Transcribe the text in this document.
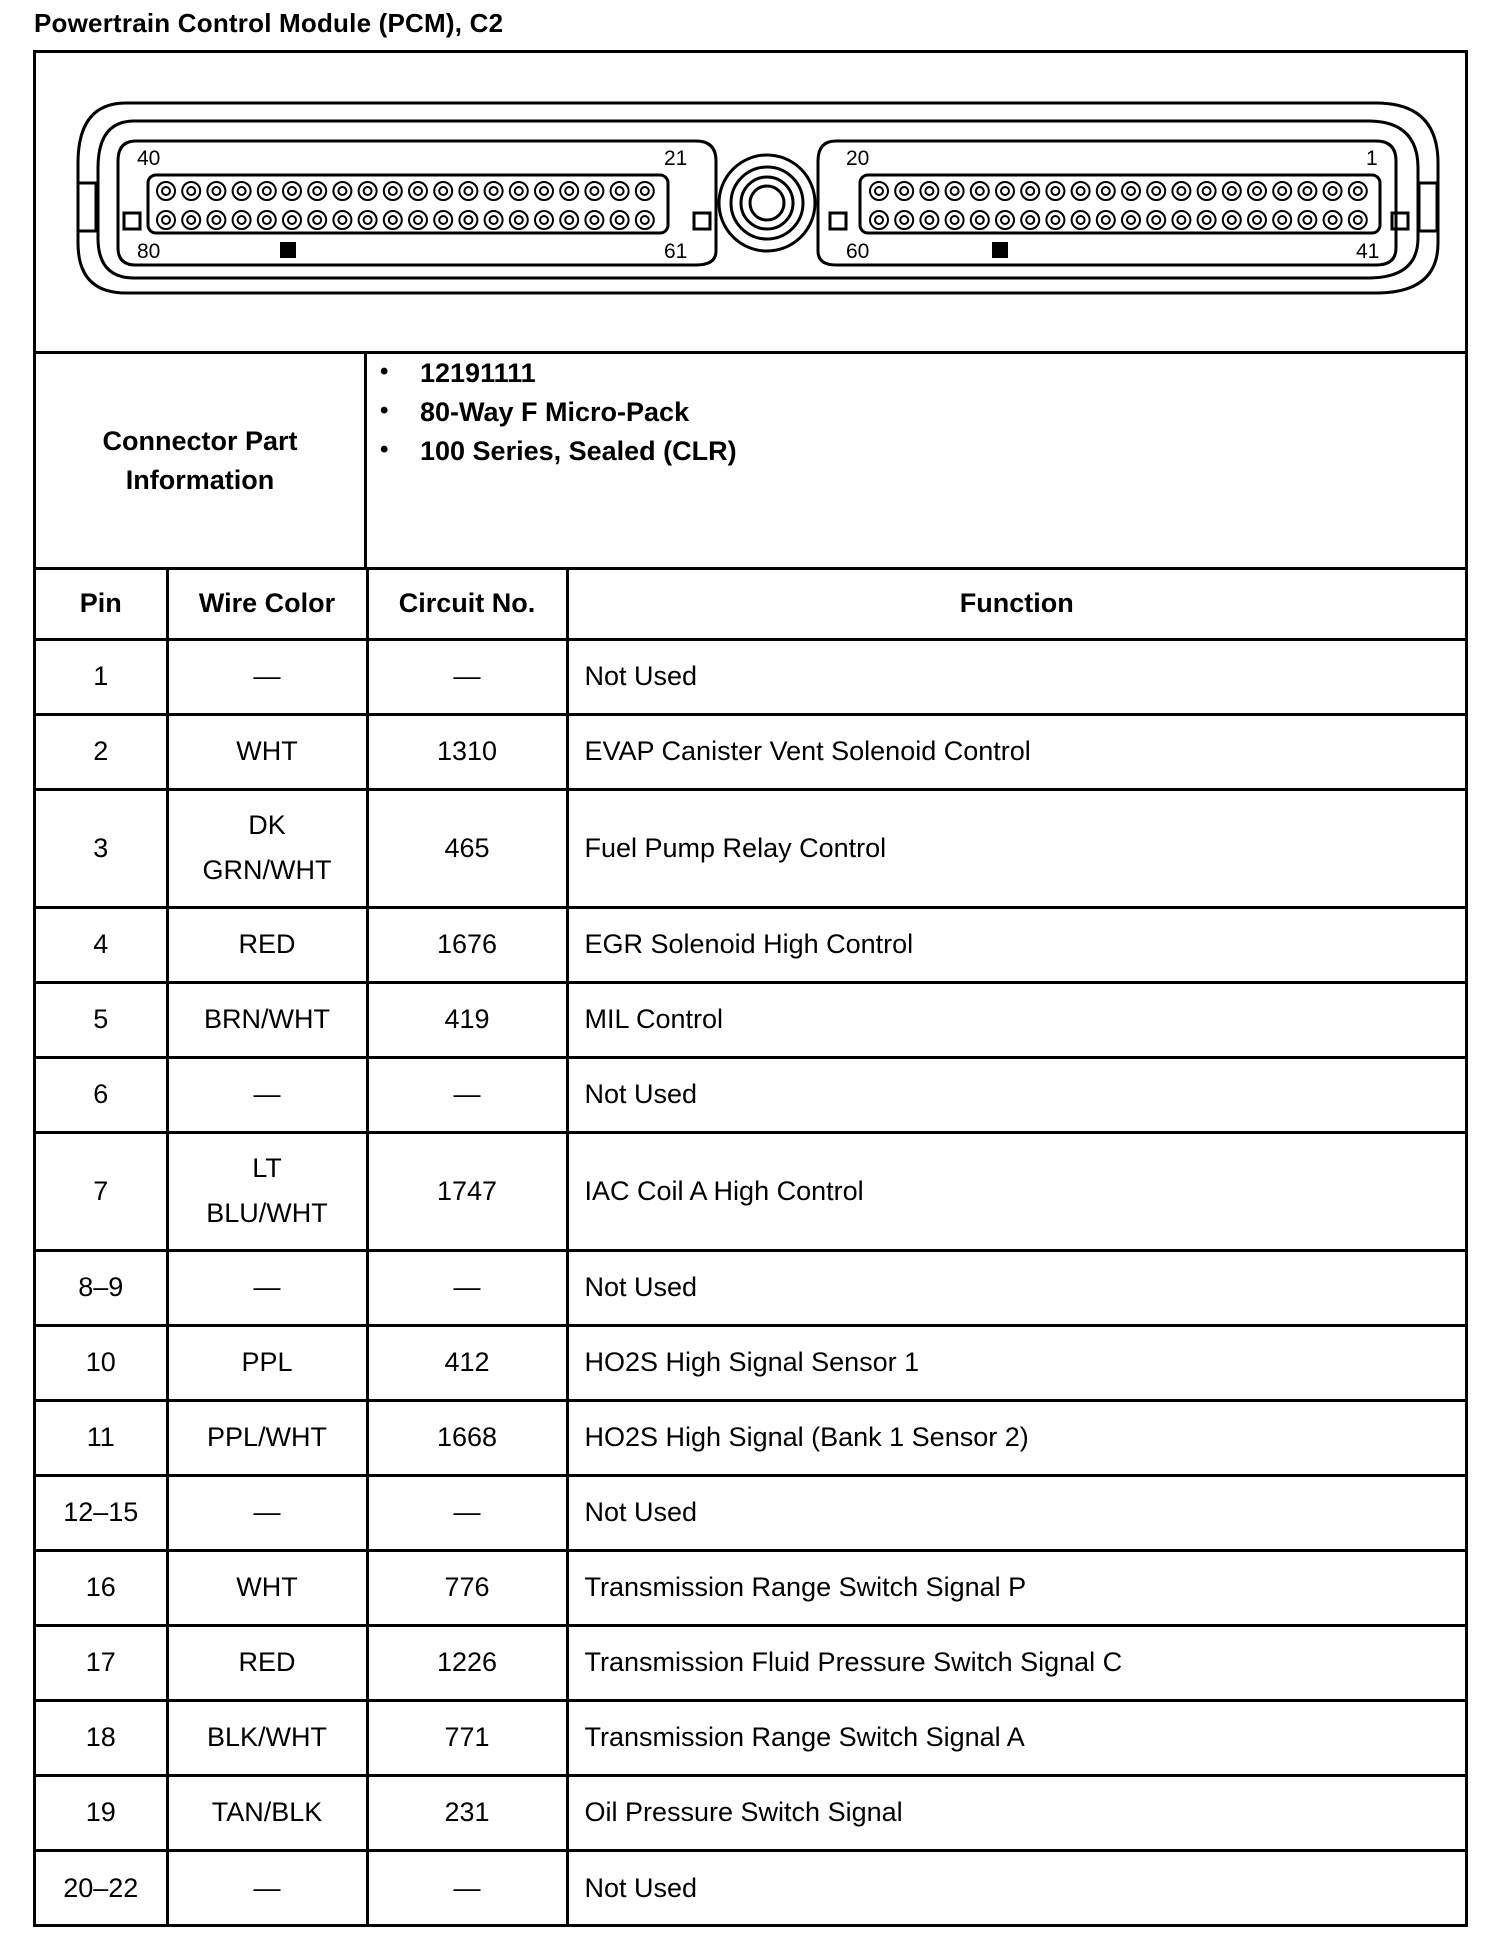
Powertrain Control Module (PCM), C2
40	21
80	61
20	1
60	41
Connector Part
Information
• 12191111
• 80-Way F Micro-Pack
• 100 Series, Sealed (CLR)
Pin	Wire Color	Circuit No.	Function
1	—	—	Not Used
2	WHT	1310	EVAP Canister Vent Solenoid Control
3	DK
GRN/WHT	465	Fuel Pump Relay Control
4	RED	1676	EGR Solenoid High Control
5	BRN/WHT	419	MIL Control
6	—	—	Not Used
7	LT
BLU/WHT	1747	IAC Coil A High Control
8–9	—	—	Not Used
10	PPL	412	HO2S High Signal Sensor 1
11	PPL/WHT	1668	HO2S High Signal (Bank 1 Sensor 2)
12–15	—	—	Not Used
16	WHT	776	Transmission Range Switch Signal P
17	RED	1226	Transmission Fluid Pressure Switch Signal C
18	BLK/WHT	771	Transmission Range Switch Signal A
19	TAN/BLK	231	Oil Pressure Switch Signal
20–22	—	—	Not Used
